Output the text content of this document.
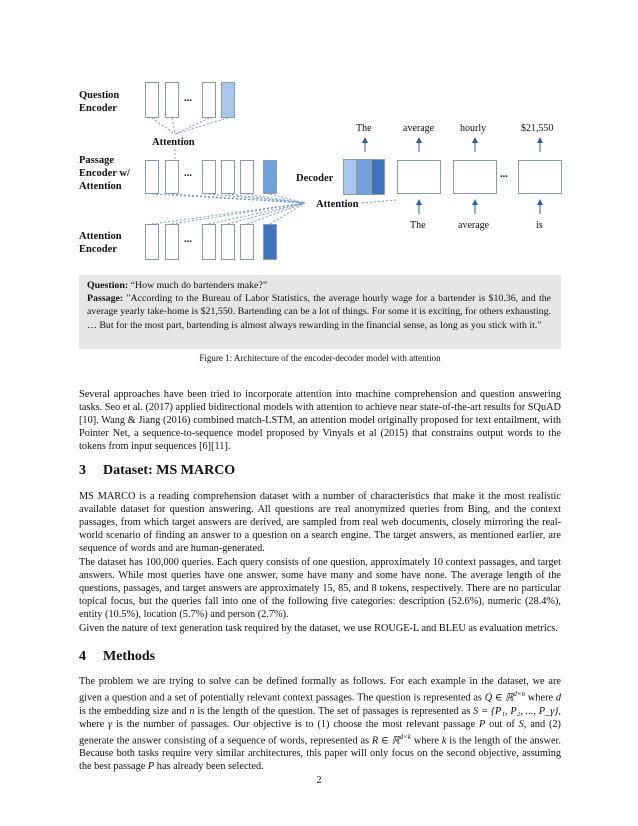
Question
Encoder
Passage
Encoder w/
Attention
Attention
Encoder
Attention
Attention
Decoder
...
...
...
...
The	average	hourly	$21,550
The	average	is
Question: “How much do bartenders make?”
Passage: "According to the Bureau of Labor Statistics, the average hourly wage for a bartender is $10.36, and the average yearly take-home is $21,550. Bartending can be a lot of things. For some it is exciting, for others exhausting. … But for the most part, bartending is almost always rewarding in the financial sense, as long as you stick with it."
Figure 1: Architecture of the encoder-decoder model with attention
Several approaches have been tried to incorporate attention into machine comprehension and question answering tasks. Seo et al. (2017) applied bidirectional models with attention to achieve near state-of-the-art results for SQuAD [10]. Wang & Jiang (2016) combined match-LSTM, an attention model originally proposed for text entailment, with Pointer Net, a sequence-to-sequence model proposed by Vinyals et al (2015) that constrains output words to the tokens from input sequences [6][11].
3 Dataset: MS MARCO
MS MARCO is a reading comprehension dataset with a number of characteristics that make it the most realistic available dataset for question answering. All questions are real anonymized queries from Bing, and the context passages, from which target answers are derived, are sampled from real web documents, closely mirroring the real-world scenario of finding an answer to a question on a search engine. The target answers, as mentioned earlier, are sequence of words and are human-generated.
The dataset has 100,000 queries. Each query consists of one question, approximately 10 context passages, and target answers. While most queries have one answer, some have many and some have none. The average length of the questions, passages, and target answers are approximately 15, 85, and 8 tokens, respectively. There are no particular topical focus, but the queries fall into one of the following five categories: description (52.6%), numeric (28.4%), entity (10.5%), location (5.7%) and person (2.7%).
Given the nature of text generation task required by the dataset, we use ROUGE-L and BLEU as evaluation metrics.
4 Methods
The problem we are trying to solve can be defined formally as follows. For each example in the dataset, we are given a question and a set of potentially relevant context passages. The question is represented as Q ∈ ℝ$^{d\times n}$ where d is the embedding size and n is the length of the question. The set of passages is represented as S = {P₁, P₂, ..., P_γ}, where γ is the number of passages. Our objective is to (1) choose the most relevant passage P out of S, and (2) generate the answer consisting of a sequence of words, represented as R ∈ ℝ$^{d\times k}$ where k is the length of the answer. Because both tasks require very similar architectures, this paper will only focus on the second objective, assuming the best passage P has already been selected.
2
